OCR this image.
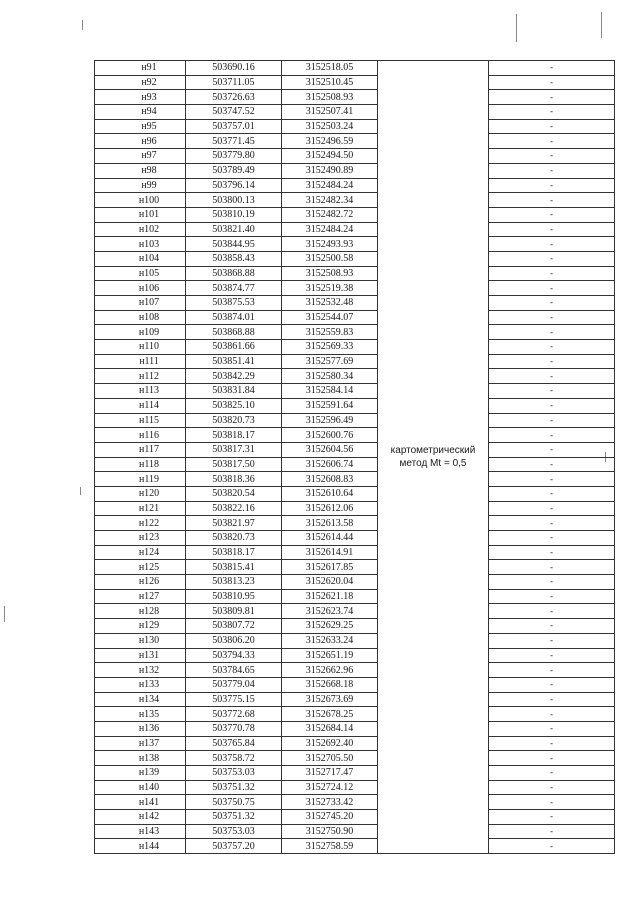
н91	503690.16	3152518.05	картометрический метод Mt = 0,5	-
н92	503711.05	3152510.45		-
н93	503726.63	3152508.93		-
н94	503747.52	3152507.41		-
н95	503757.01	3152503.24		-
н96	503771.45	3152496.59		-
н97	503779.80	3152494.50		-
н98	503789.49	3152490.89		-
н99	503796.14	3152484.24		-
н100	503800.13	3152482.34		-
н101	503810.19	3152482.72		-
н102	503821.40	3152484.24		-
н103	503844.95	3152493.93		-
н104	503858.43	3152500.58		-
н105	503868.88	3152508.93		-
н106	503874.77	3152519.38		-
н107	503875.53	3152532.48		-
н108	503874.01	3152544.07		-
н109	503868.88	3152559.83		-
н110	503861.66	3152569.33		-
н111	503851.41	3152577.69		-
н112	503842.29	3152580.34		-
н113	503831.84	3152584.14		-
н114	503825.10	3152591.64		-
н115	503820.73	3152596.49		-
н116	503818.17	3152600.76		-
н117	503817.31	3152604.56		-
н118	503817.50	3152606.74		-
н119	503818.36	3152608.83		-
н120	503820.54	3152610.64		-
н121	503822.16	3152612.06		-
н122	503821.97	3152613.58		-
н123	503820.73	3152614.44		-
н124	503818.17	3152614.91		-
н125	503815.41	3152617.85		-
н126	503813.23	3152620.04		-
н127	503810.95	3152621.18		-
н128	503809.81	3152623.74		-
н129	503807.72	3152629.25		-
н130	503806.20	3152633.24		-
н131	503794.33	3152651.19		-
н132	503784.65	3152662.96		-
н133	503779.04	3152668.18		-
н134	503775.15	3152673.69		-
н135	503772.68	3152678.25		-
н136	503770.78	3152684.14		-
н137	503765.84	3152692.40		-
н138	503758.72	3152705.50		-
н139	503753.03	3152717.47		-
н140	503751.32	3152724.12		-
н141	503750.75	3152733.42		-
н142	503751.32	3152745.20		-
н143	503753.03	3152750.90		-
н144	503757.20	3152758.59		-
